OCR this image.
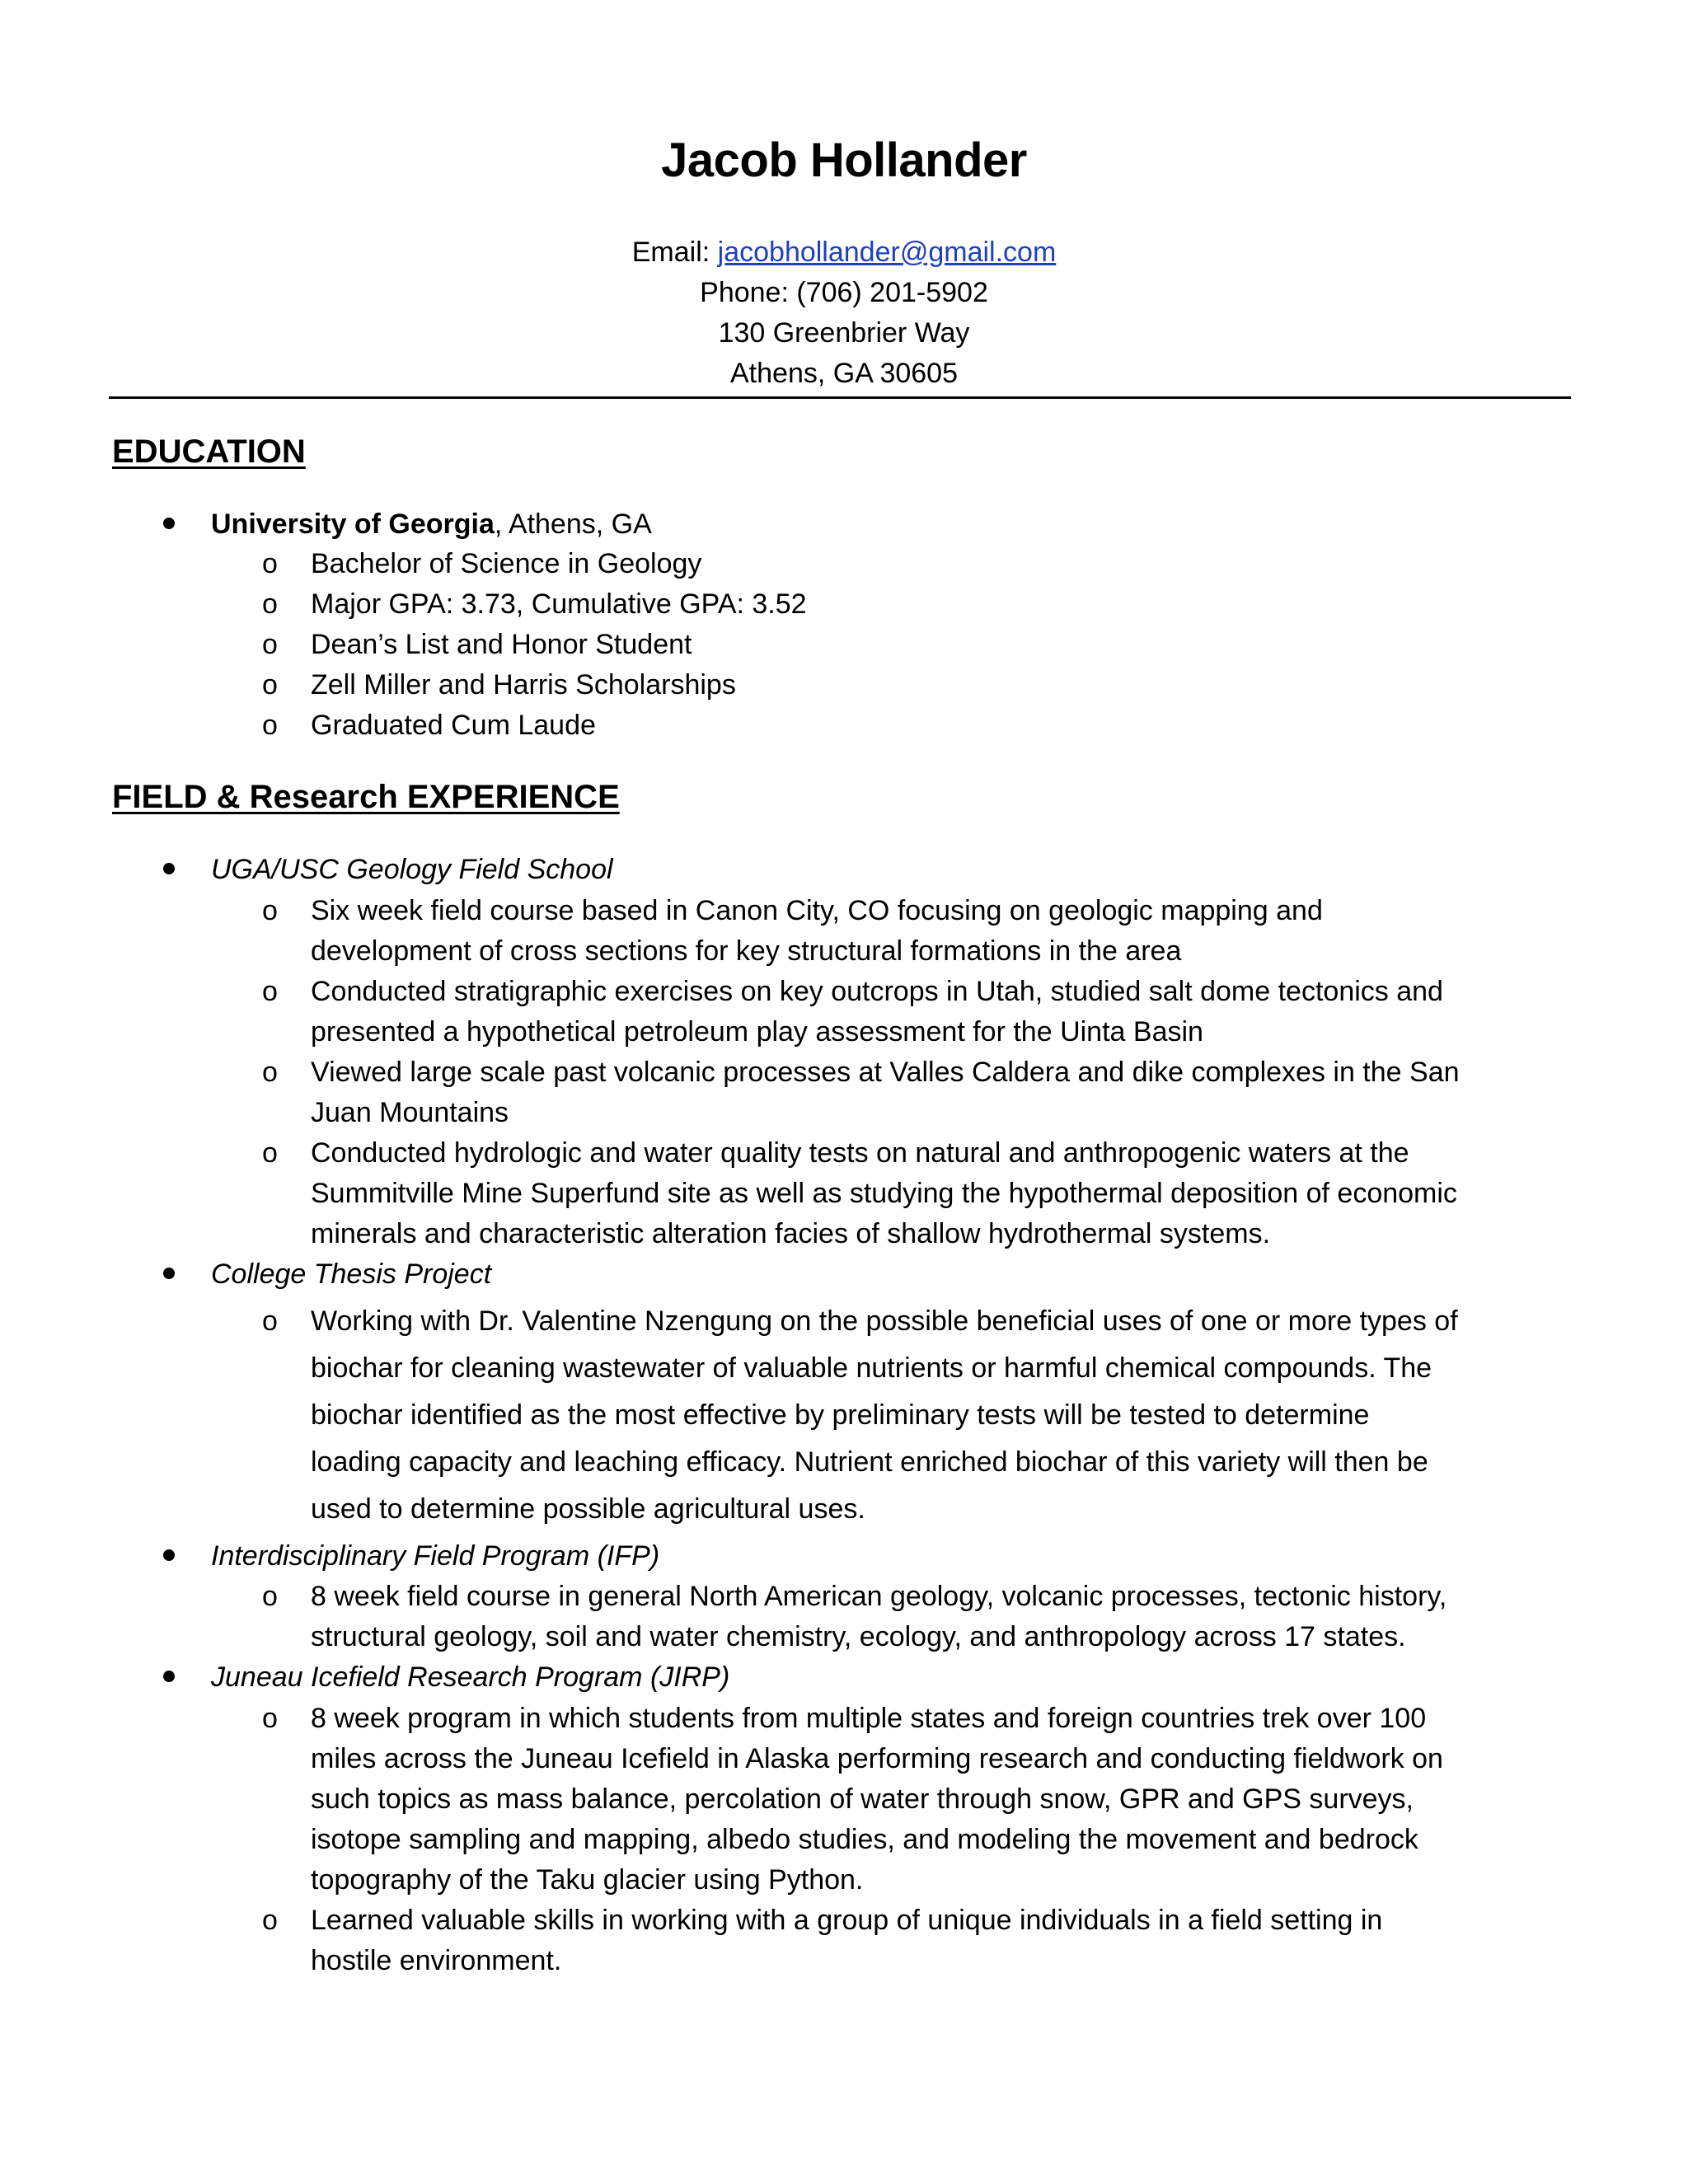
Jacob Hollander
Email: jacobhollander@gmail.com
Phone: (706) 201-5902
130 Greenbrier Way
Athens, GA 30605
EDUCATION
University of Georgia, Athens, GA
o Bachelor of Science in Geology
o Major GPA: 3.73, Cumulative GPA: 3.52
o Dean’s List and Honor Student
o Zell Miller and Harris Scholarships
o Graduated Cum Laude
FIELD & Research EXPERIENCE
UGA/USC Geology Field School
o Six week field course based in Canon City, CO focusing on geologic mapping and
development of cross sections for key structural formations in the area
o Conducted stratigraphic exercises on key outcrops in Utah, studied salt dome tectonics and
presented a hypothetical petroleum play assessment for the Uinta Basin
o Viewed large scale past volcanic processes at Valles Caldera and dike complexes in the San
Juan Mountains
o Conducted hydrologic and water quality tests on natural and anthropogenic waters at the
Summitville Mine Superfund site as well as studying the hypothermal deposition of economic
minerals and characteristic alteration facies of shallow hydrothermal systems.
College Thesis Project
o Working with Dr. Valentine Nzengung on the possible beneficial uses of one or more types of
biochar for cleaning wastewater of valuable nutrients or harmful chemical compounds. The
biochar identified as the most effective by preliminary tests will be tested to determine
loading capacity and leaching efficacy. Nutrient enriched biochar of this variety will then be
used to determine possible agricultural uses.
Interdisciplinary Field Program (IFP)
o 8 week field course in general North American geology, volcanic processes, tectonic history,
structural geology, soil and water chemistry, ecology, and anthropology across 17 states.
Juneau Icefield Research Program (JIRP)
o 8 week program in which students from multiple states and foreign countries trek over 100
miles across the Juneau Icefield in Alaska performing research and conducting fieldwork on
such topics as mass balance, percolation of water through snow, GPR and GPS surveys,
isotope sampling and mapping, albedo studies, and modeling the movement and bedrock
topography of the Taku glacier using Python.
o Learned valuable skills in working with a group of unique individuals in a field setting in
hostile environment.
